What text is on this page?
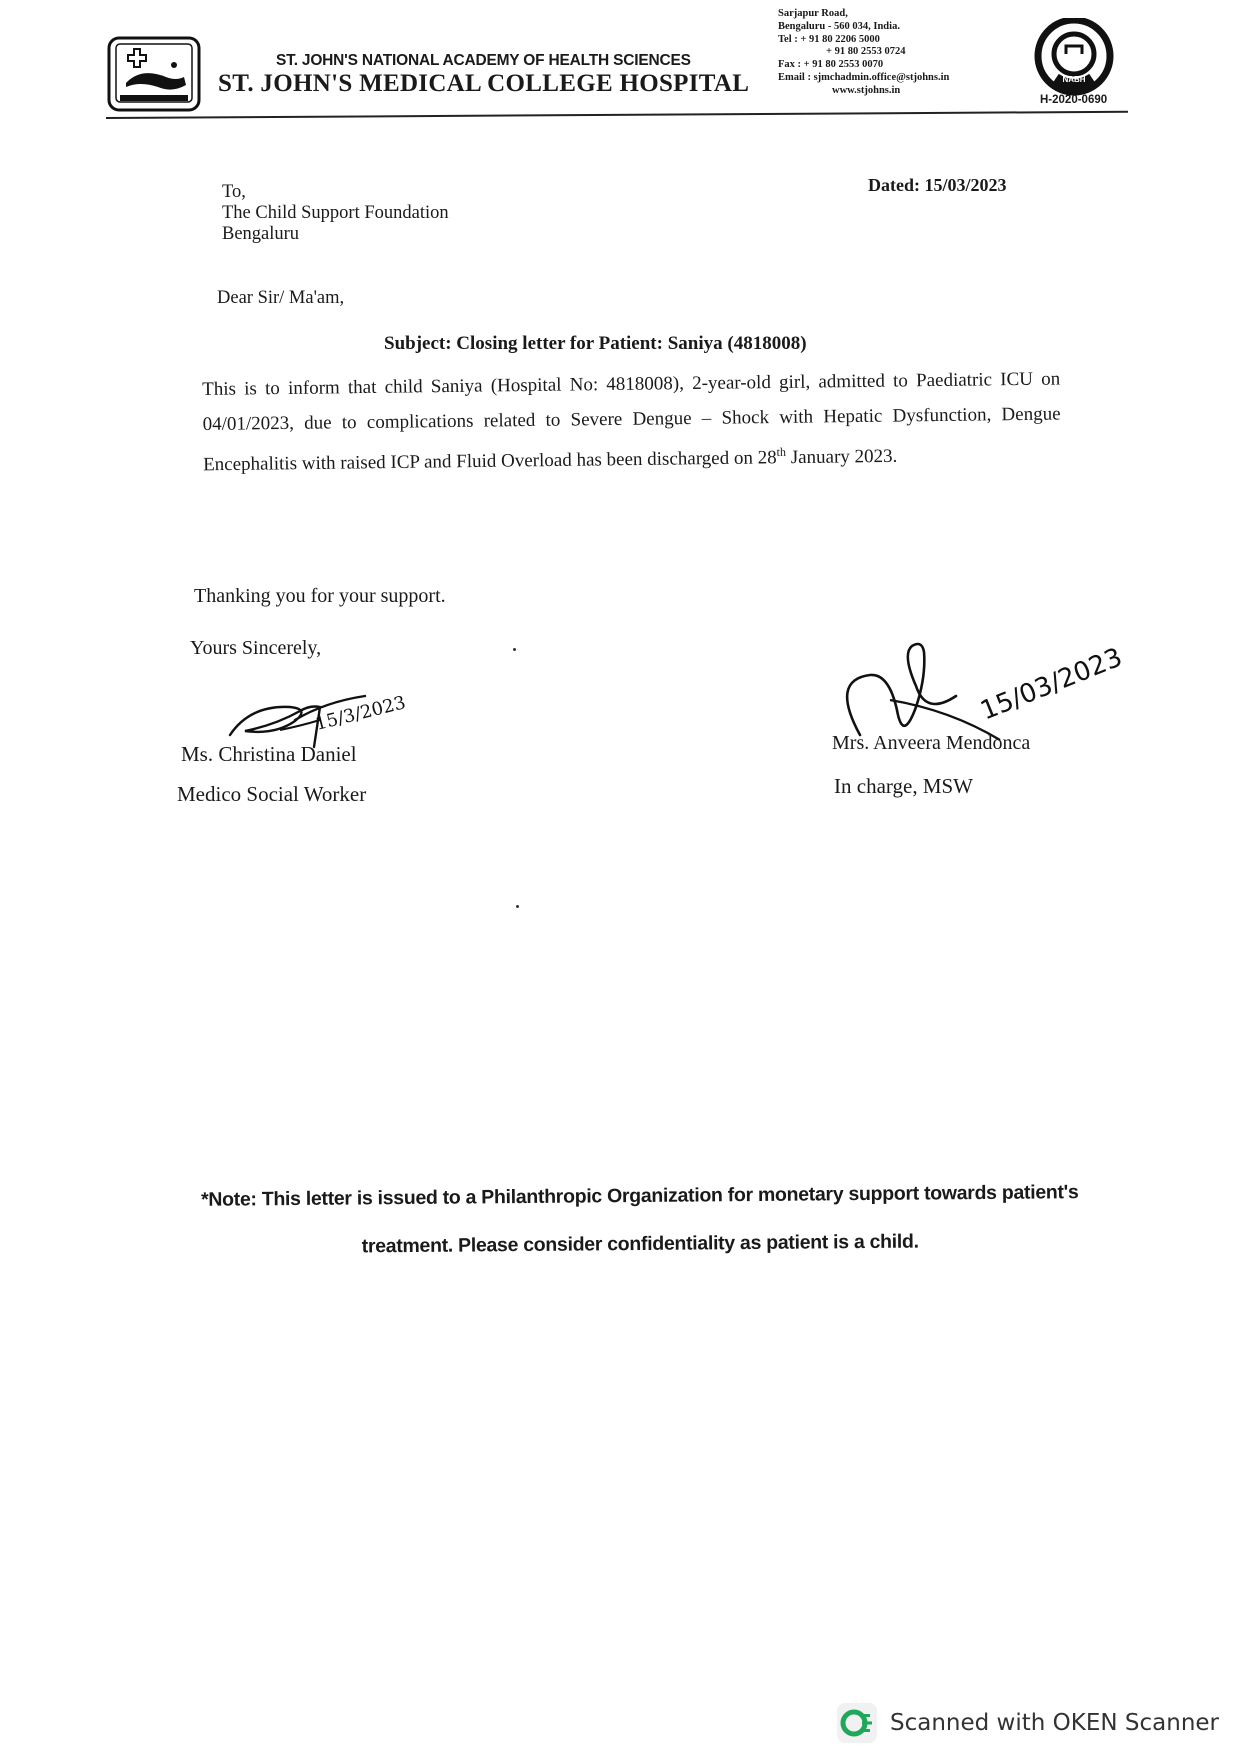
ST. JOHN'S NATIONAL ACADEMY OF HEALTH SCIENCES
ST. JOHN'S MEDICAL COLLEGE HOSPITAL
Sarjapur Road,
Bengaluru - 560 034, India.
Tel : + 91 80 2206 5000
+ 91 80 2553 0724
Fax : + 91 80 2553 0070
Email : sjmchadmin.office@stjohns.in
www.stjohns.in
NABH
H-2020-0690
To,
The Child Support Foundation
Bengaluru
Dated: 15/03/2023
Dear Sir/ Ma'am,
Subject: Closing letter for Patient: Saniya (4818008)
This is to inform that child Saniya (Hospital No: 4818008), 2-year-old girl, admitted to Paediatric ICU on 04/01/2023, due to complications related to Severe Dengue – Shock with Hepatic Dysfunction, Dengue Encephalitis with raised ICP and Fluid Overload has been discharged on 28th January 2023.
Thanking you for your support.
Yours Sincerely,
15/3/2023
Ms. Christina Daniel
Medico Social Worker
15/03/2023
Mrs. Anveera Mendonca
In charge, MSW
*Note: This letter is issued to a Philanthropic Organization for monetary support towards patient's
treatment. Please consider confidentiality as patient is a child.
Scanned with OKEN Scanner
